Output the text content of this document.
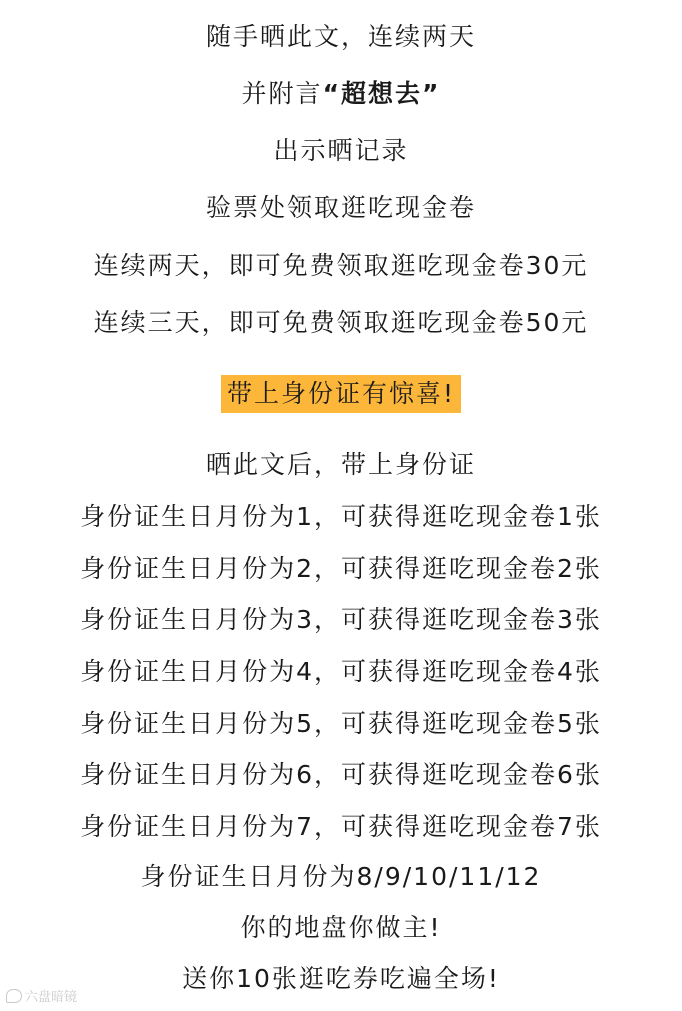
随手晒此文，连续两天
并附言“超想去”
出示晒记录
验票处领取逛吃现金卷
连续两天，即可免费领取逛吃现金卷30元
连续三天，即可免费领取逛吃现金卷50元
带上身份证有惊喜!
晒此文后，带上身份证
身份证生日月份为1，可获得逛吃现金卷1张
身份证生日月份为2，可获得逛吃现金卷2张
身份证生日月份为3，可获得逛吃现金卷3张
身份证生日月份为4，可获得逛吃现金卷4张
身份证生日月份为5，可获得逛吃现金卷5张
身份证生日月份为6，可获得逛吃现金卷6张
身份证生日月份为7，可获得逛吃现金卷7张
身份证生日月份为8/9/10/11/12
你的地盘你做主!
送你10张逛吃券吃遍全场!
六盘暗镜
